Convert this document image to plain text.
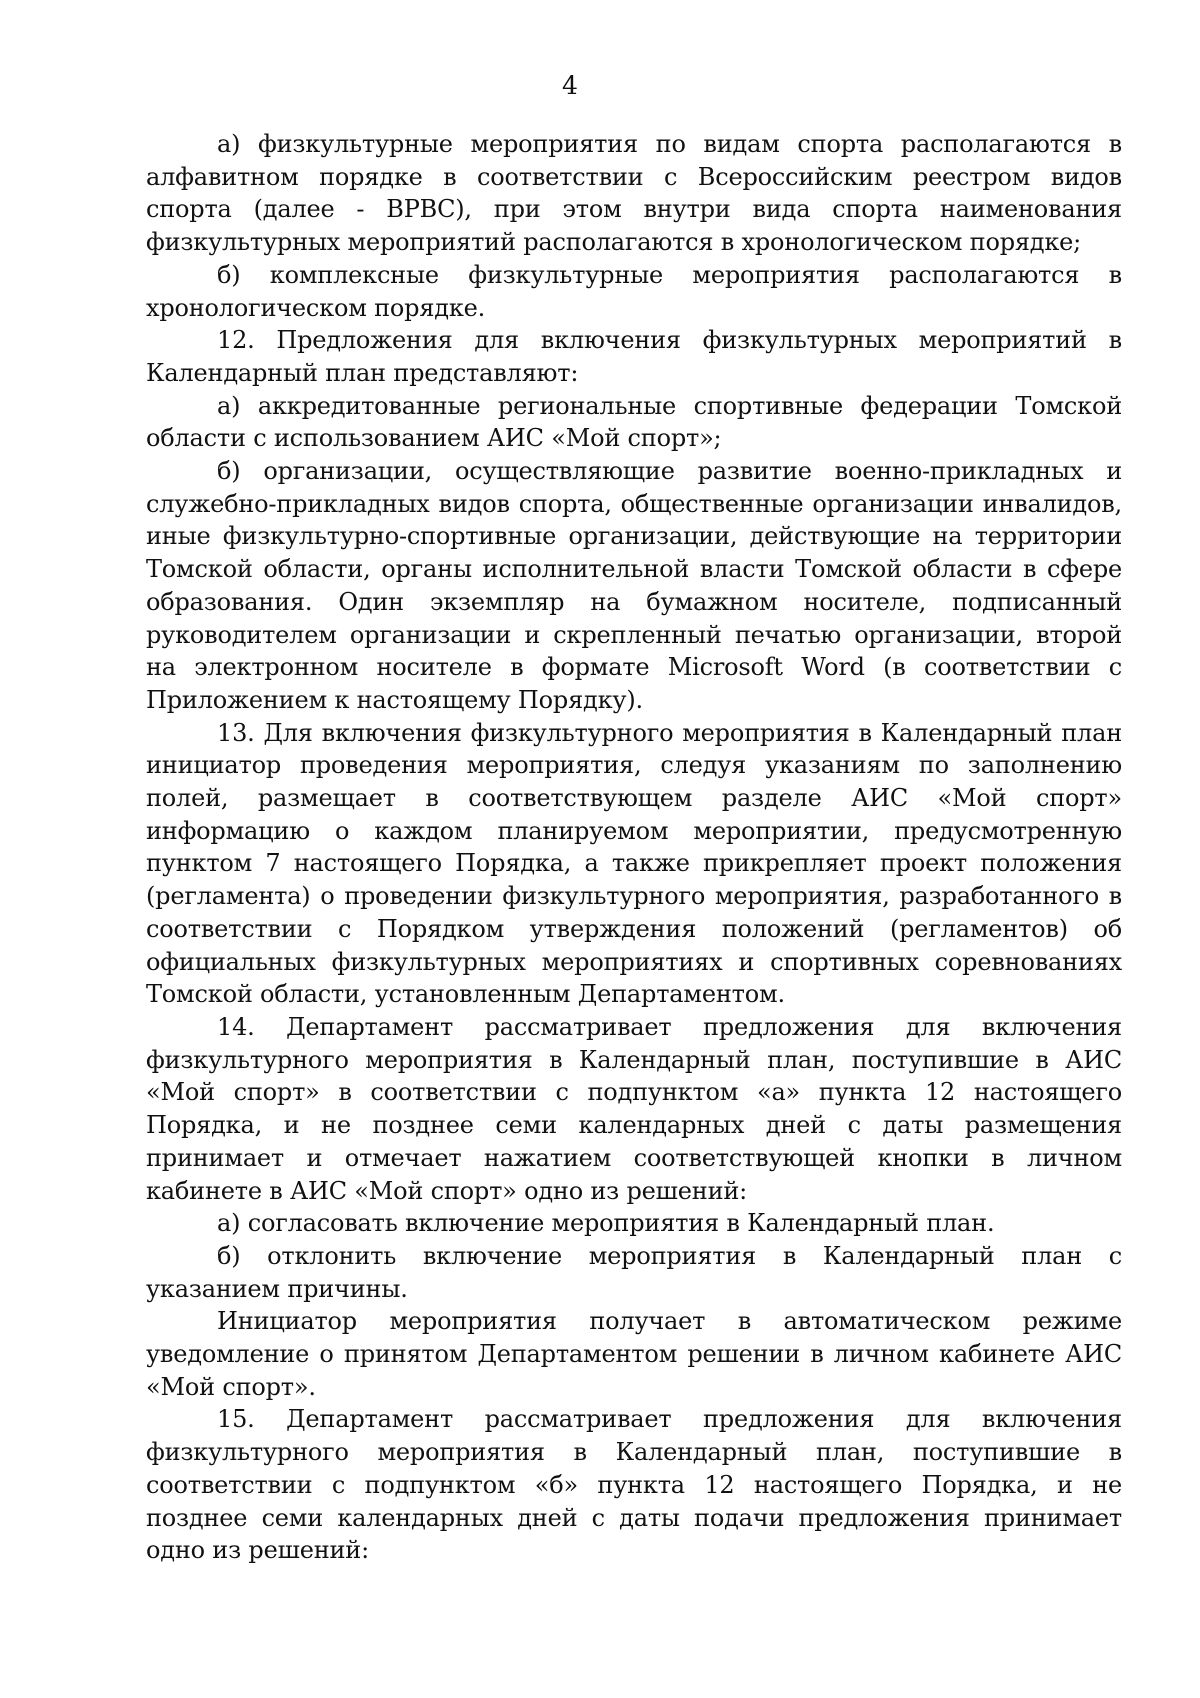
4

а) физкультурные мероприятия по видам спорта располагаются в алфавитном порядке в соответствии с Всероссийским реестром видов спорта (далее - ВРВС), при этом внутри вида спорта наименования физкультурных мероприятий располагаются в хронологическом порядке;

б) комплексные физкультурные мероприятия располагаются в хронологическом порядке.

12. Предложения для включения физкультурных мероприятий в Календарный план представляют:

а) аккредитованные региональные спортивные федерации Томской области с использованием АИС «Мой спорт»;

б) организации, осуществляющие развитие военно-прикладных и служебно-прикладных видов спорта, общественные организации инвалидов, иные физкультурно-спортивные организации, действующие на территории Томской области, органы исполнительной власти Томской области в сфере образования. Один экземпляр на бумажном носителе, подписанный руководителем организации и скрепленный печатью организации, второй на электронном носителе в формате Microsoft Word (в соответствии с Приложением к настоящему Порядку).

13. Для включения физкультурного мероприятия в Календарный план инициатор проведения мероприятия, следуя указаниям по заполнению полей, размещает в соответствующем разделе АИС «Мой спорт» информацию о каждом планируемом мероприятии, предусмотренную пунктом 7 настоящего Порядка, а также прикрепляет проект положения (регламента) о проведении физкультурного мероприятия, разработанного в соответствии с Порядком утверждения положений (регламентов) об официальных физкультурных мероприятиях и спортивных соревнованиях Томской области, установленным Департаментом.

14. Департамент рассматривает предложения для включения физкультурного мероприятия в Календарный план, поступившие в АИС «Мой спорт» в соответствии с подпунктом «а» пункта 12 настоящего Порядка, и не позднее семи календарных дней с даты размещения принимает и отмечает нажатием соответствующей кнопки в личном кабинете в АИС «Мой спорт» одно из решений:

а) согласовать включение мероприятия в Календарный план.

б) отклонить включение мероприятия в Календарный план с указанием причины.

Инициатор мероприятия получает в автоматическом режиме уведомление о принятом Департаментом решении в личном кабинете АИС «Мой спорт».

15. Департамент рассматривает предложения для включения физкультурного мероприятия в Календарный план, поступившие в соответствии с подпунктом «б» пункта 12 настоящего Порядка, и не позднее семи календарных дней с даты подачи предложения принимает одно из решений:
